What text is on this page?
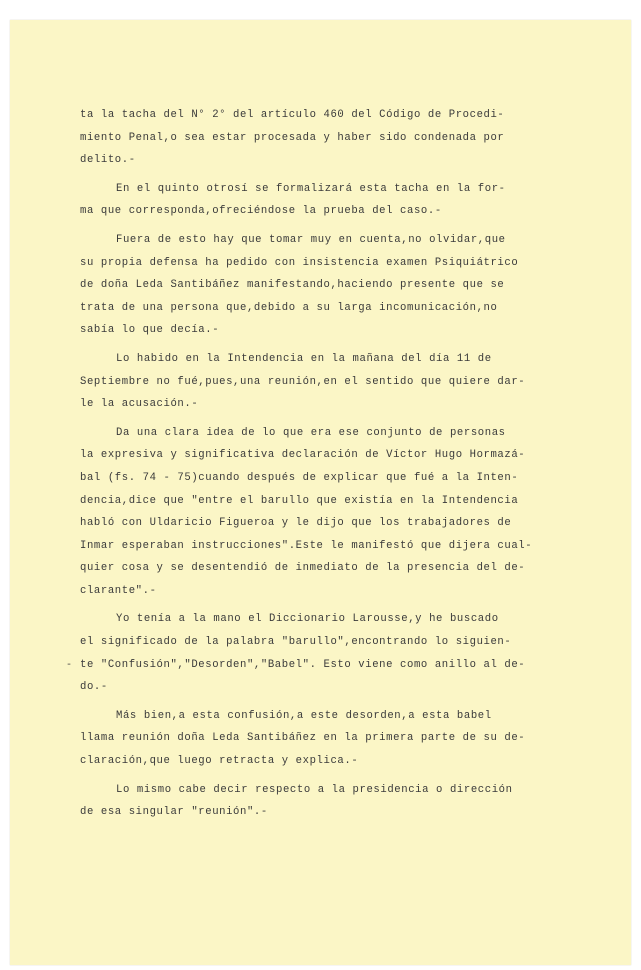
ta la tacha del N° 2° del artículo 460 del Código de Procedi-
miento Penal,o sea estar procesada y haber sido condenada por
delito.-
En el quinto otrosí se formalizará esta tacha en la for-
ma que corresponda,ofreciéndose la prueba del caso.-
Fuera de esto hay que tomar muy en cuenta,no olvidar,que
su propia defensa ha pedido con insistencia examen Psiquiátrico
de doña Leda Santibáñez manifestando,haciendo presente que se
trata de una persona que,debido a su larga incomunicación,no
sabía lo que decía.-
Lo habido en la Intendencia en la mañana del día 11 de
Septiembre no fué,pues,una reunión,en el sentido que quiere dar-
le la acusación.-
Da una clara idea de lo que era ese conjunto de personas
la expresiva y significativa declaración de Víctor Hugo Hormazá-
bal (fs. 74 - 75)cuando después de explicar que fué a la Inten-
dencia,dice que "entre el barullo que existía en la Intendencia
habló con Uldaricio Figueroa y le dijo que los trabajadores de
Inmar esperaban instrucciones".Este le manifestó que dijera cual-
quier cosa y se desentendió de inmediato de la presencia del de-
clarante".-
Yo tenía a la mano el Diccionario Larousse,y he buscado
el significado de la palabra "barullo",encontrando lo siguien-
te "Confusión","Desorden","Babel". Esto viene como anillo al de-
do.-
Más bien,a esta confusión,a este desorden,a esta babel
llama reunión doña Leda Santibáñez en la primera parte de su de-
claración,que luego retracta y explica.-
Lo mismo cabe decir respecto a la presidencia o dirección
de esa singular "reunión".-
-
